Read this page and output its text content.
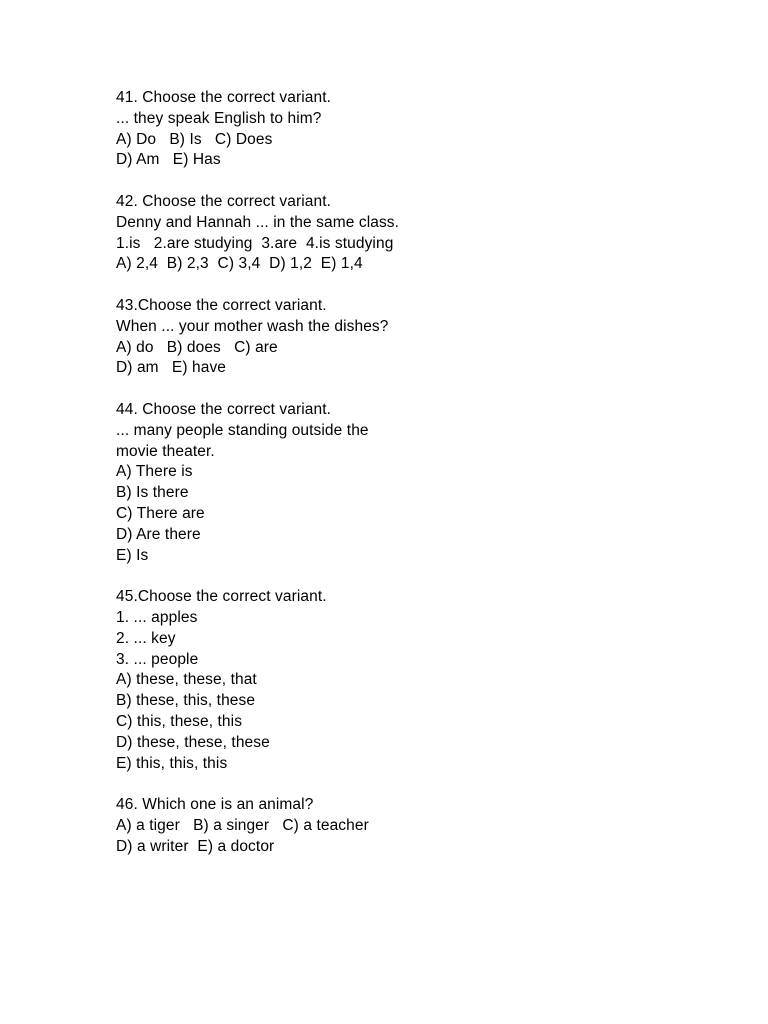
41. Choose the correct variant.
... they speak English to him?
A) Do   B) Is   C) Does
D) Am   E) Has
42. Choose the correct variant.
Denny and Hannah ... in the same class.
1.is   2.are studying  3.are  4.is studying
A) 2,4  B) 2,3  C) 3,4  D) 1,2  E) 1,4
43.Choose the correct variant.
When ... your mother wash the dishes?
A) do   B) does   C) are
D) am   E) have
44. Choose the correct variant.
... many people standing outside the
movie theater.
A) There is
B) Is there
C) There are
D) Are there
E) Is
45.Choose the correct variant.
1. ... apples
2. ... key
3. ... people
A) these, these, that
B) these, this, these
C) this, these, this
D) these, these, these
E) this, this, this
46. Which one is an animal?
A) a tiger   B) a singer   C) a teacher
D) a writer  E) a doctor
